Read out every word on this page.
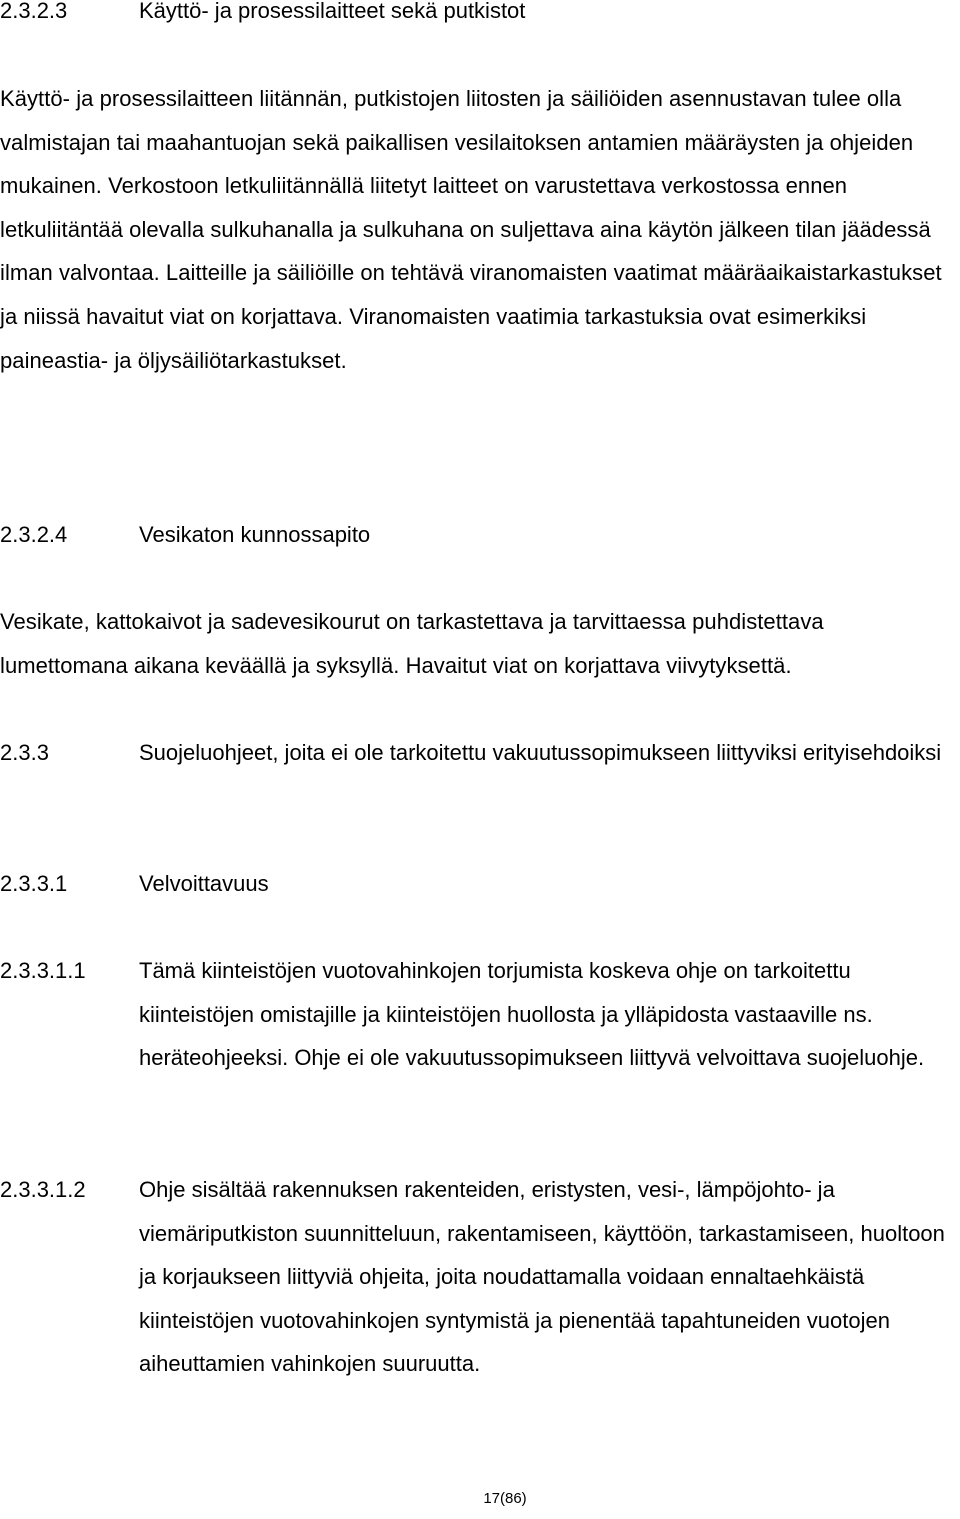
2.3.2.3	Käyttö- ja prosessilaitteet sekä putkistot

Käyttö- ja prosessilaitteen liitännän, putkistojen liitosten ja säiliöiden asennustavan tulee olla valmistajan tai maahantuojan sekä paikallisen vesilaitoksen antamien määräysten ja ohjeiden mukainen. Verkostoon letkuliitännällä liitetyt laitteet on varustettava verkostossa ennen letkuliitäntää olevalla sulkuhanalla ja sulkuhana on suljettava aina käytön jälkeen tilan jäädessä ilman valvontaa. Laitteille ja säiliöille on tehtävä viranomaisten vaatimat määräaikaistarkastukset ja niissä havaitut viat on korjattava. Viranomaisten vaatimia tarkastuksia ovat esimerkiksi paineastia- ja öljysäiliötarkastukset.

2.3.2.4	Vesikaton kunnossapito

Vesikate, kattokaivot ja sadevesikourut on tarkastettava ja tarvittaessa puhdistettava lumettomana aikana keväällä ja syksyllä. Havaitut viat on korjattava viivytyksettä.

2.3.3	Suojeluohjeet, joita ei ole tarkoitettu vakuutussopimukseen liittyviksi erityisehdoiksi
2.3.3.1	Velvoittavuus
2.3.3.1.1	Tämä kiinteistöjen vuotovahinkojen torjumista koskeva ohje on tarkoitettu kiinteistöjen omistajille ja kiinteistöjen huollosta ja ylläpidosta vastaaville ns. heräteohjeeksi. Ohje ei ole vakuutussopimukseen liittyvä velvoittava suojeluohje.

2.3.3.1.2	Ohje sisältää rakennuksen rakenteiden, eristysten, vesi-, lämpöjohto- ja viemäriputkiston suunnitteluun, rakentamiseen, käyttöön, tarkastamiseen, huoltoon ja korjaukseen liittyviä ohjeita, joita noudattamalla voidaan ennaltaehkäistä kiinteistöjen vuotovahinkojen syntymistä ja pienentää tapahtuneiden vuotojen aiheuttamien vahinkojen suuruutta.

17(86)
